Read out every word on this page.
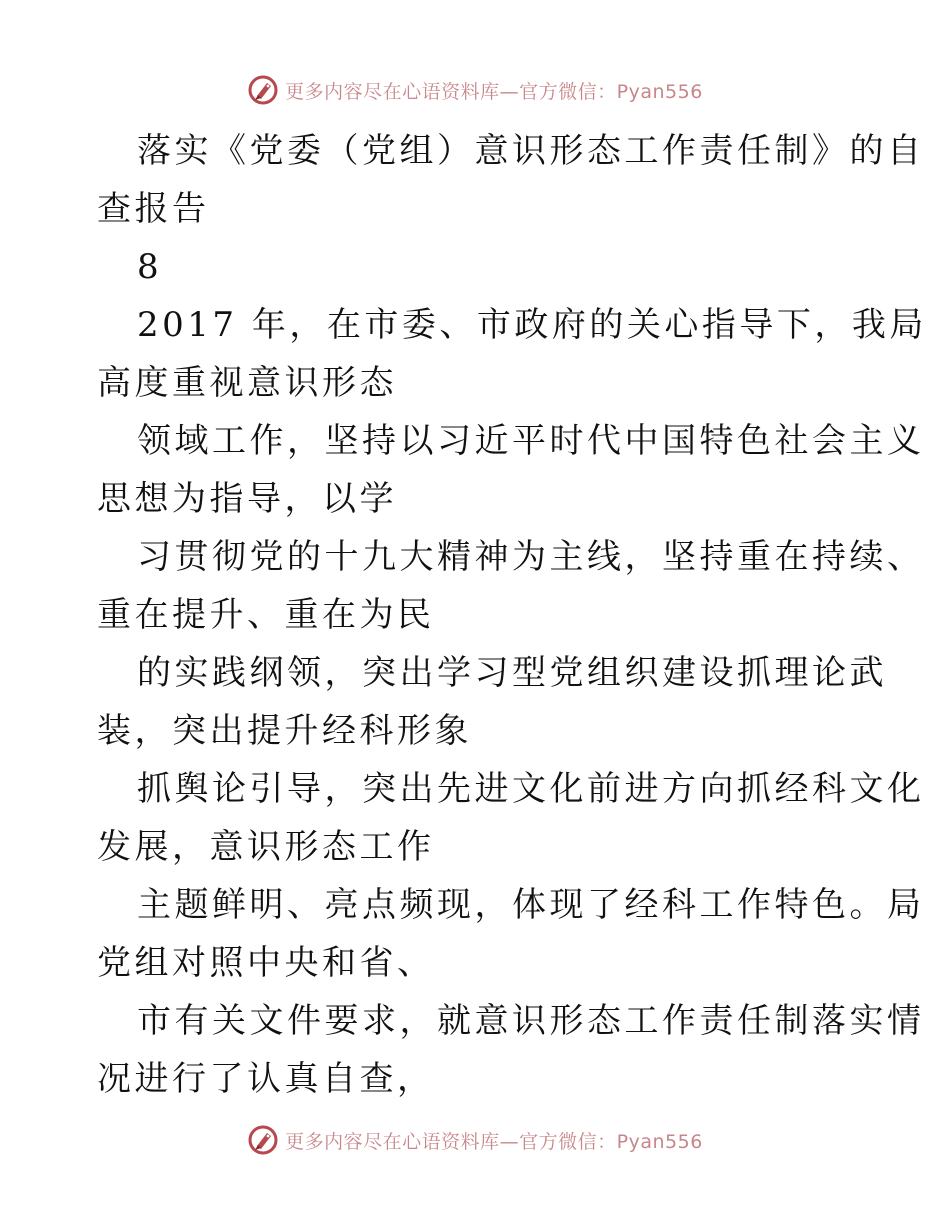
更多内容尽在心语资料库—官方微信：Pyan556
落实《党委（党组）意识形态工作责任制》的自
查报告
8
2017 年，在市委、市政府的关心指导下，我局
高度重视意识形态
领域工作，坚持以习近平时代中国特色社会主义
思想为指导，以学
习贯彻党的十九大精神为主线，坚持重在持续、
重在提升、重在为民
的实践纲领，突出学习型党组织建设抓理论武
装，突出提升经科形象
抓舆论引导，突出先进文化前进方向抓经科文化
发展，意识形态工作
主题鲜明、亮点频现，体现了经科工作特色。局
党组对照中央和省、
市有关文件要求，就意识形态工作责任制落实情
况进行了认真自查，
更多内容尽在心语资料库—官方微信：Pyan556
